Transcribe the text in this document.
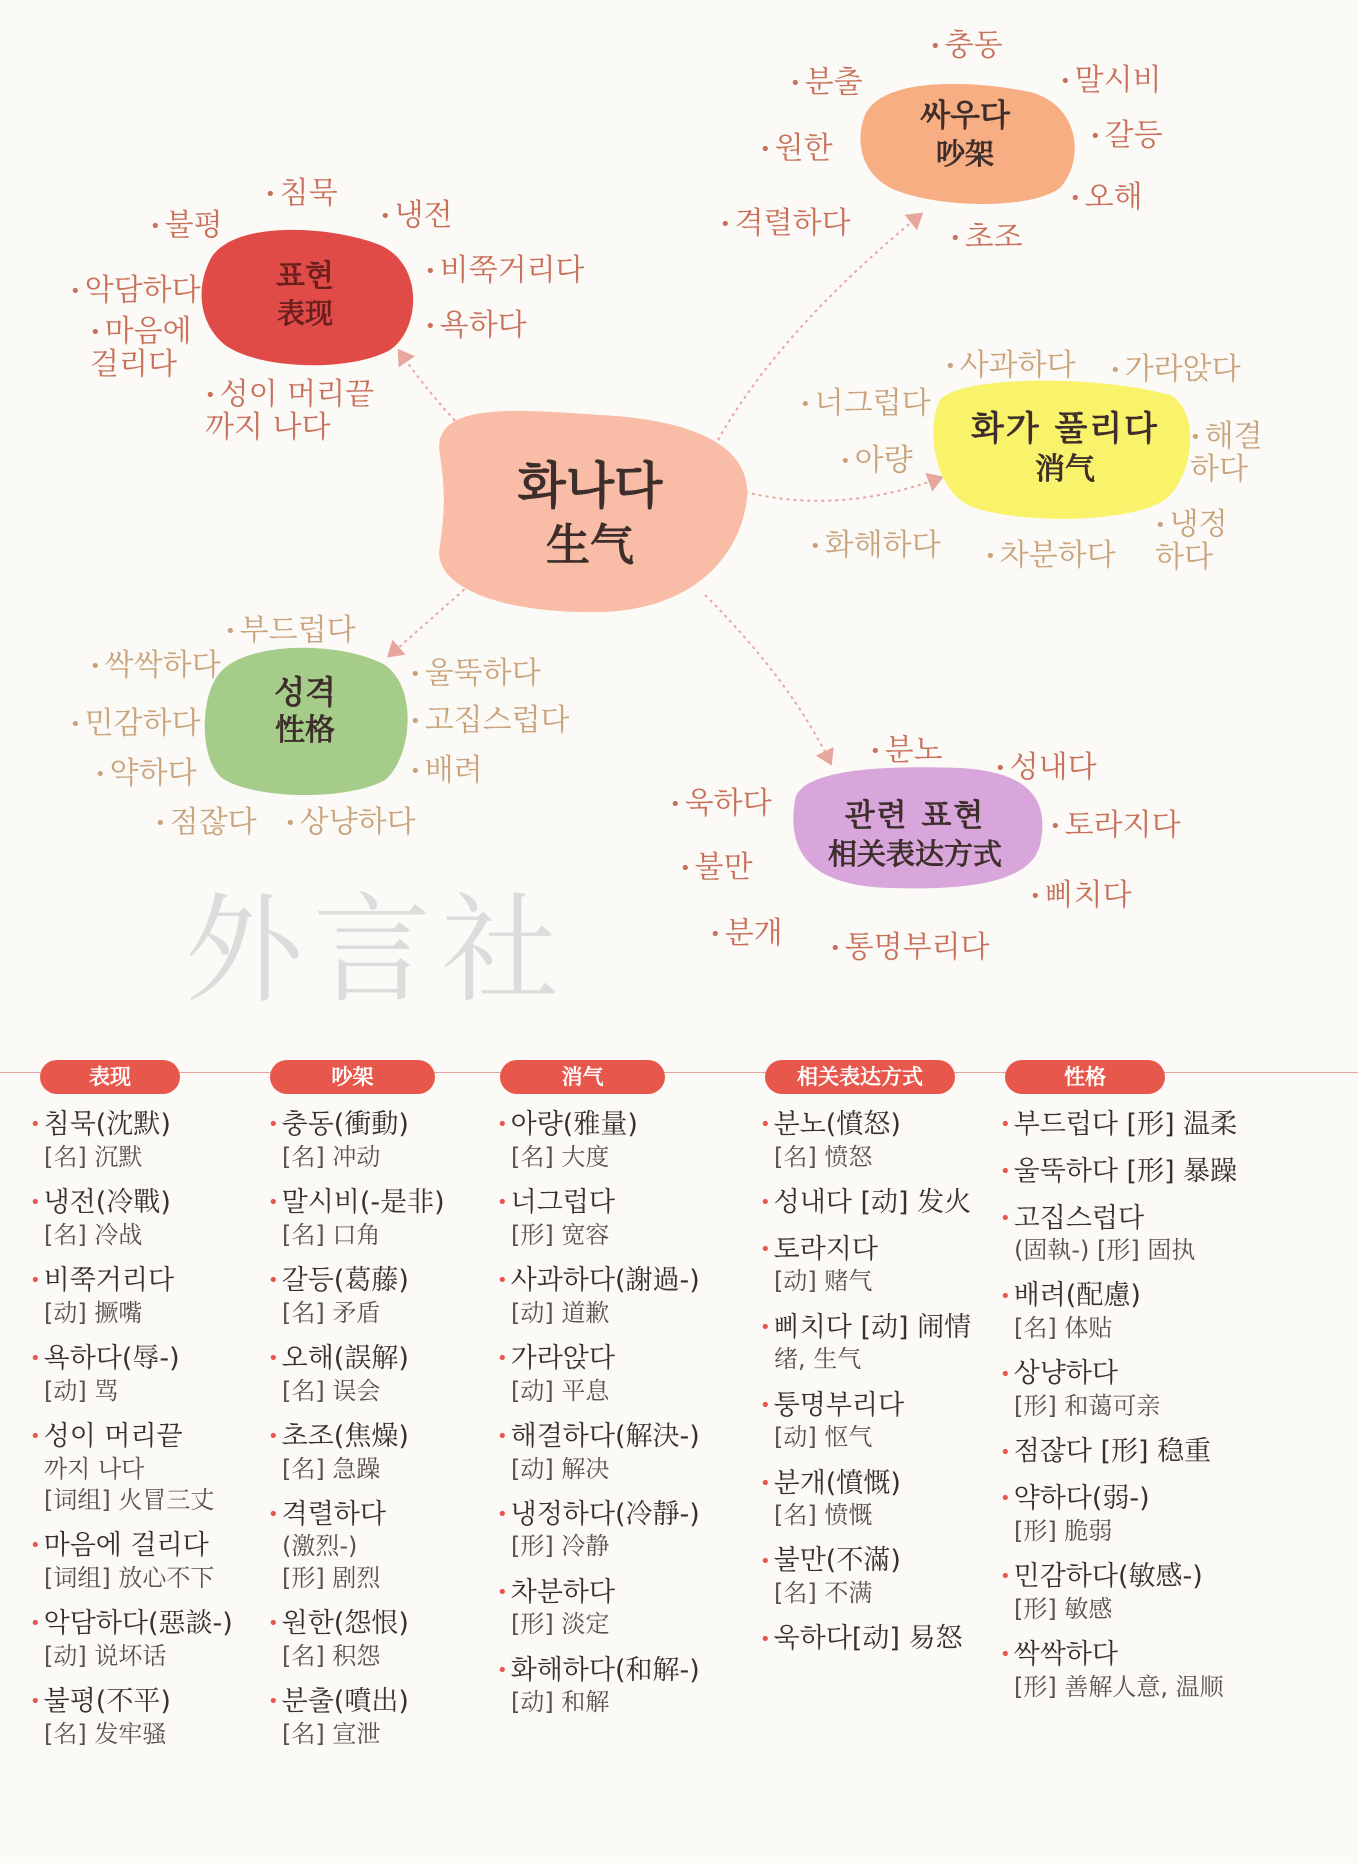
화나다
生气
표현
表现
싸우다
吵架
화가 풀리다
消气
성격
性格
관련 표현
相关表达方式
• 침묵
• 불평	• 냉전
• 비쭉거리다
• 악담하다
• 욕하다
• 마음에 걸리다
• 성이 머리끝 까지 나다
• 충동
• 분출	• 말시비
• 원한	• 갈등
• 격렬하다
• 오해
• 초조
• 사과하다	• 가라앉다
• 너그럽다
• 아량
• 해결 하다
• 화해하다	• 차분하다
• 냉정 하다
• 부드럽다
• 싹싹하다	• 울뚝하다
• 민감하다	• 고집스럽다
• 약하다	• 배려
• 점잖다	• 상냥하다
• 분노	• 성내다
• 욱하다
• 토라지다
• 불만
• 삐치다
• 분개	• 통명부리다
外言社
表现	吵架	消气	相关表达方式	性格
• 침묵(沈默)
[名] 沉默
• 냉전(冷戰)
[名] 冷战
• 비쭉거리다
[动] 撅嘴
• 욕하다(辱-)
[动] 骂
• 성이 머리끝
까지 나다
[词组] 火冒三丈
• 마음에 걸리다
[词组] 放心不下
• 악담하다(惡談-)
[动] 说坏话
• 불평(不平)
[名] 发牢骚
• 충동(衝動)
[名] 冲动
• 말시비(-是非)
[名] 口角
• 갈등(葛藤)
[名] 矛盾
• 오해(誤解)
[名] 误会
• 초조(焦燥)
[名] 急躁
• 격렬하다
(激烈-)
[形] 剧烈
• 원한(怨恨)
[名] 积怨
• 분출(噴出)
[名] 宣泄
• 아량(雅量)
[名] 大度
• 너그럽다
[形] 宽容
• 사과하다(謝過-)
[动] 道歉
• 가라앉다
[动] 平息
• 해결하다(解決-)
[动] 解决
• 냉정하다(冷靜-)
[形] 冷静
• 차분하다
[形] 淡定
• 화해하다(和解-)
[动] 和解
• 분노(憤怒)
[名] 愤怒
• 성내다 [动] 发火
• 토라지다
[动] 赌气
• 삐치다 [动] 闹情
绪, 生气
• 퉁명부리다
[动] 怄气
• 분개(憤慨)
[名] 愤慨
• 불만(不滿)
[名] 不满
• 욱하다[动] 易怒
• 부드럽다 [形] 温柔
• 울뚝하다 [形] 暴躁
• 고집스럽다
(固執-) [形] 固执
• 배려(配慮)
[名] 体贴
• 상냥하다
[形] 和蔼可亲
• 점잖다 [形] 稳重
• 약하다(弱-)
[形] 脆弱
• 민감하다(敏感-)
[形] 敏感
• 싹싹하다
[形] 善解人意, 温顺
